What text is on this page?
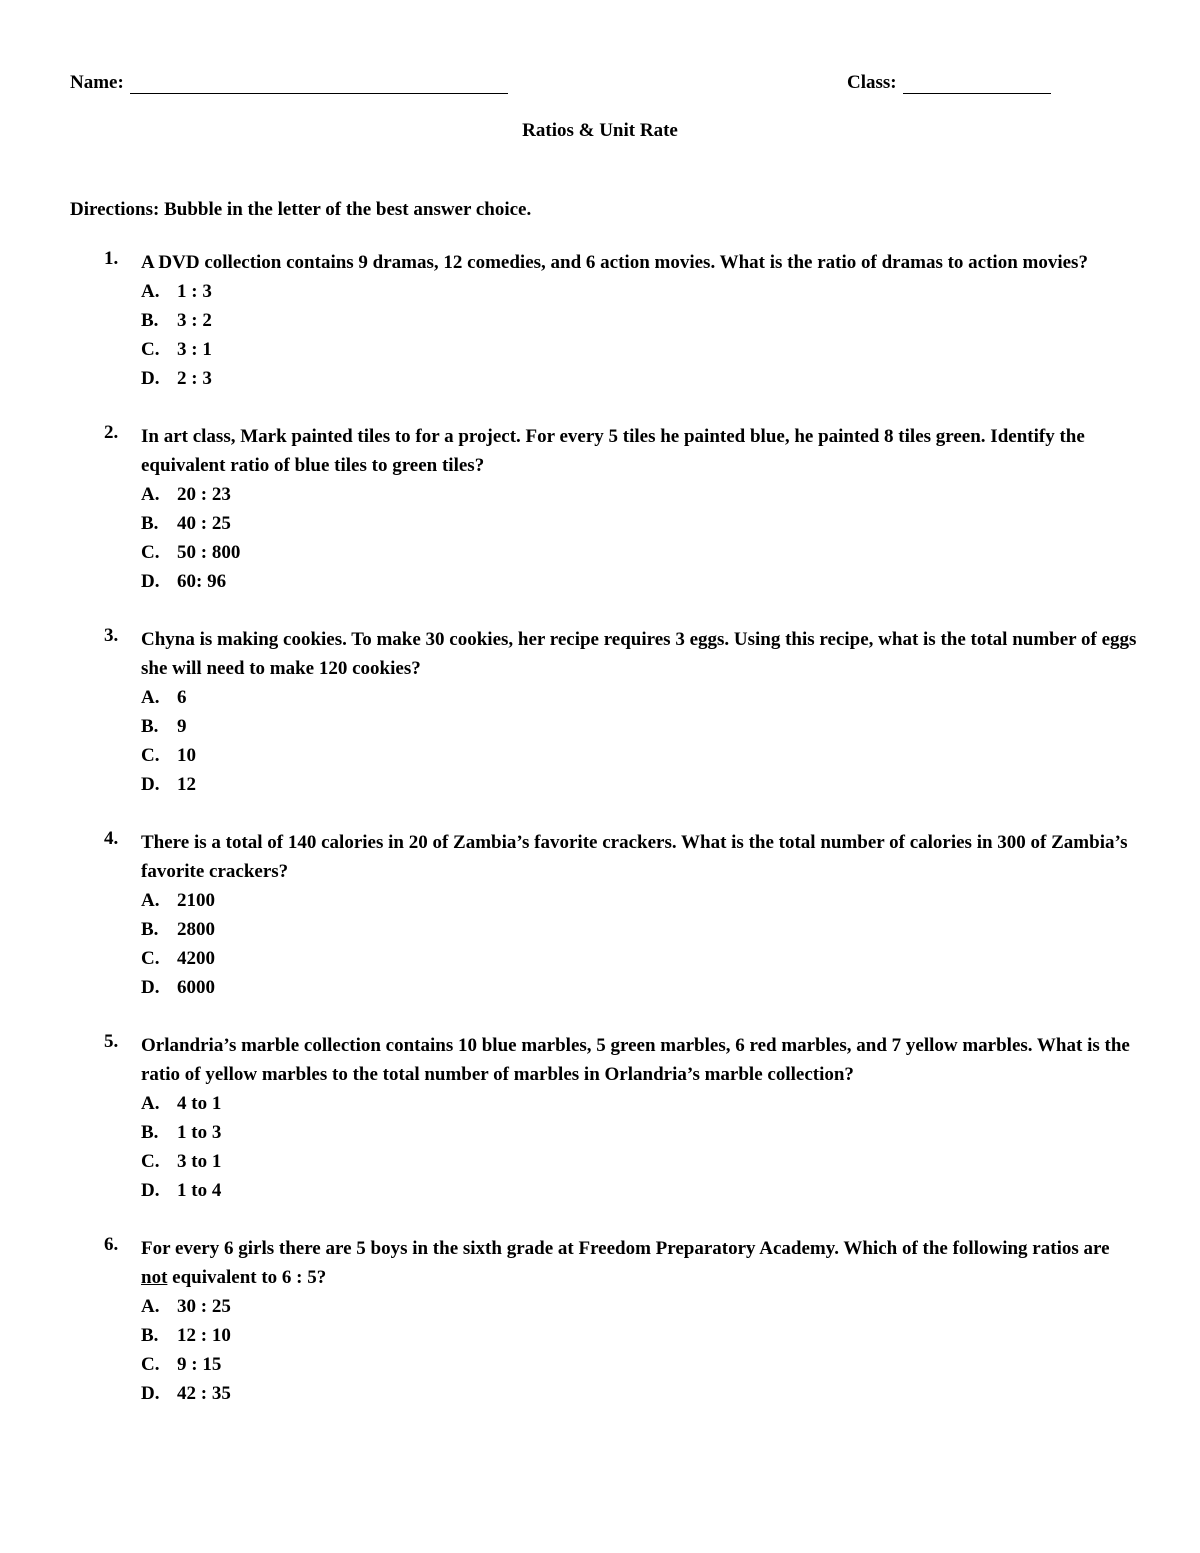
Name:	Class:
Ratios & Unit Rate
Directions: Bubble in the letter of the best answer choice.
1. A DVD collection contains 9 dramas, 12 comedies, and 6 action movies. What is the ratio of dramas to action movies?
A. 1 : 3
B. 3 : 2
C. 3 : 1
D. 2 : 3
2. In art class, Mark painted tiles to for a project. For every 5 tiles he painted blue, he painted 8 tiles green. Identify the equivalent ratio of blue tiles to green tiles?
A. 20 : 23
B. 40 : 25
C. 50 : 800
D. 60: 96
3. Chyna is making cookies. To make 30 cookies, her recipe requires 3 eggs. Using this recipe, what is the total number of eggs she will need to make 120 cookies?
A. 6
B. 9
C. 10
D. 12
4. There is a total of 140 calories in 20 of Zambia’s favorite crackers. What is the total number of calories in 300 of Zambia’s favorite crackers?
A. 2100
B. 2800
C. 4200
D. 6000
5. Orlandria’s marble collection contains 10 blue marbles, 5 green marbles, 6 red marbles, and 7 yellow marbles. What is the ratio of yellow marbles to the total number of marbles in Orlandria’s marble collection?
A. 4 to 1
B. 1 to 3
C. 3 to 1
D. 1 to 4
6. For every 6 girls there are 5 boys in the sixth grade at Freedom Preparatory Academy. Which of the following ratios are not equivalent to 6 : 5?
A. 30 : 25
B. 12 : 10
C. 9 : 15
D. 42 : 35
